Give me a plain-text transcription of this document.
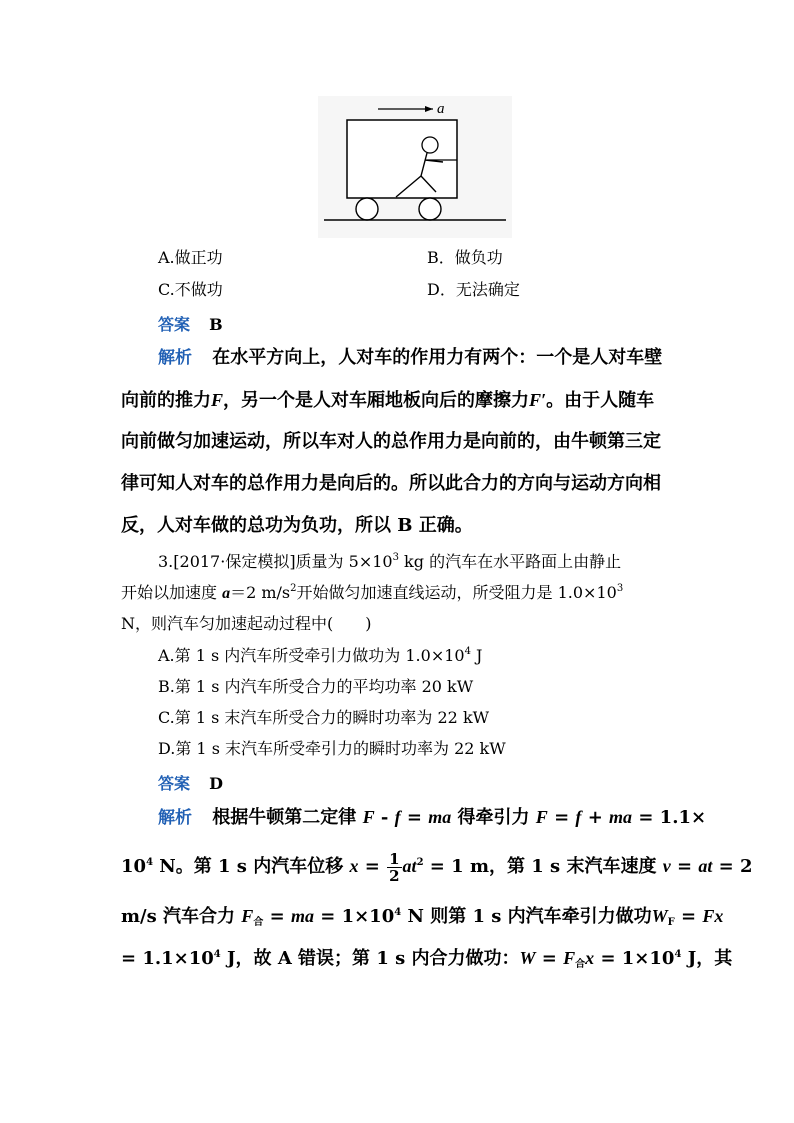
a
A.做正功	B．做负功
C.不做功	D．无法确定
答案 B
解析 在水平方向上，人对车的作用力有两个：一个是人对车壁
向前的推力F，另一个是人对车厢地板向后的摩擦力F′。由于人随车
向前做匀加速运动，所以车对人的总作用力是向前的，由牛顿第三定
律可知人对车的总作用力是向后的。所以此合力的方向与运动方向相
反，人对车做的总功为负功，所以 B 正确。
3.[2017·保定模拟]质量为 $5\times 10^3$ kg 的汽车在水平路面上由静止
开始以加速度 a＝2 $m/s^2$开始做匀加速直线运动，所受阻力是 $1.0\times 10^3$
N，则汽车匀加速起动过程中(　　)
A.第 1 s 内汽车所受牵引力做功为 $1.0\times 10^4$ J
B.第 1 s 内汽车所受合力的平均功率 20 kW
C.第 1 s 末汽车所受合力的瞬时功率为 22 kW
D.第 1 s 末汽车所受牵引力的瞬时功率为 22 kW
答案 D
解析 根据牛顿第二定律 F - f = ma 得牵引力 F = f + ma = 1.1×
$10^4$ N。第 1 s 内汽车位移 $x = \frac{1}{2} at^2 = 1$ m，第 1 s 末汽车速度 v = at = 2
m/s 汽车合力 $F_合$ = ma = $1\times 10^4$ N 则第 1 s 内汽车牵引力做功$W_F = Fx$
= $1.1\times 10^4$ J，故 A 错误；第 1 s 内合力做功：$W = F_合x = 1\times 10^4$ J，其
